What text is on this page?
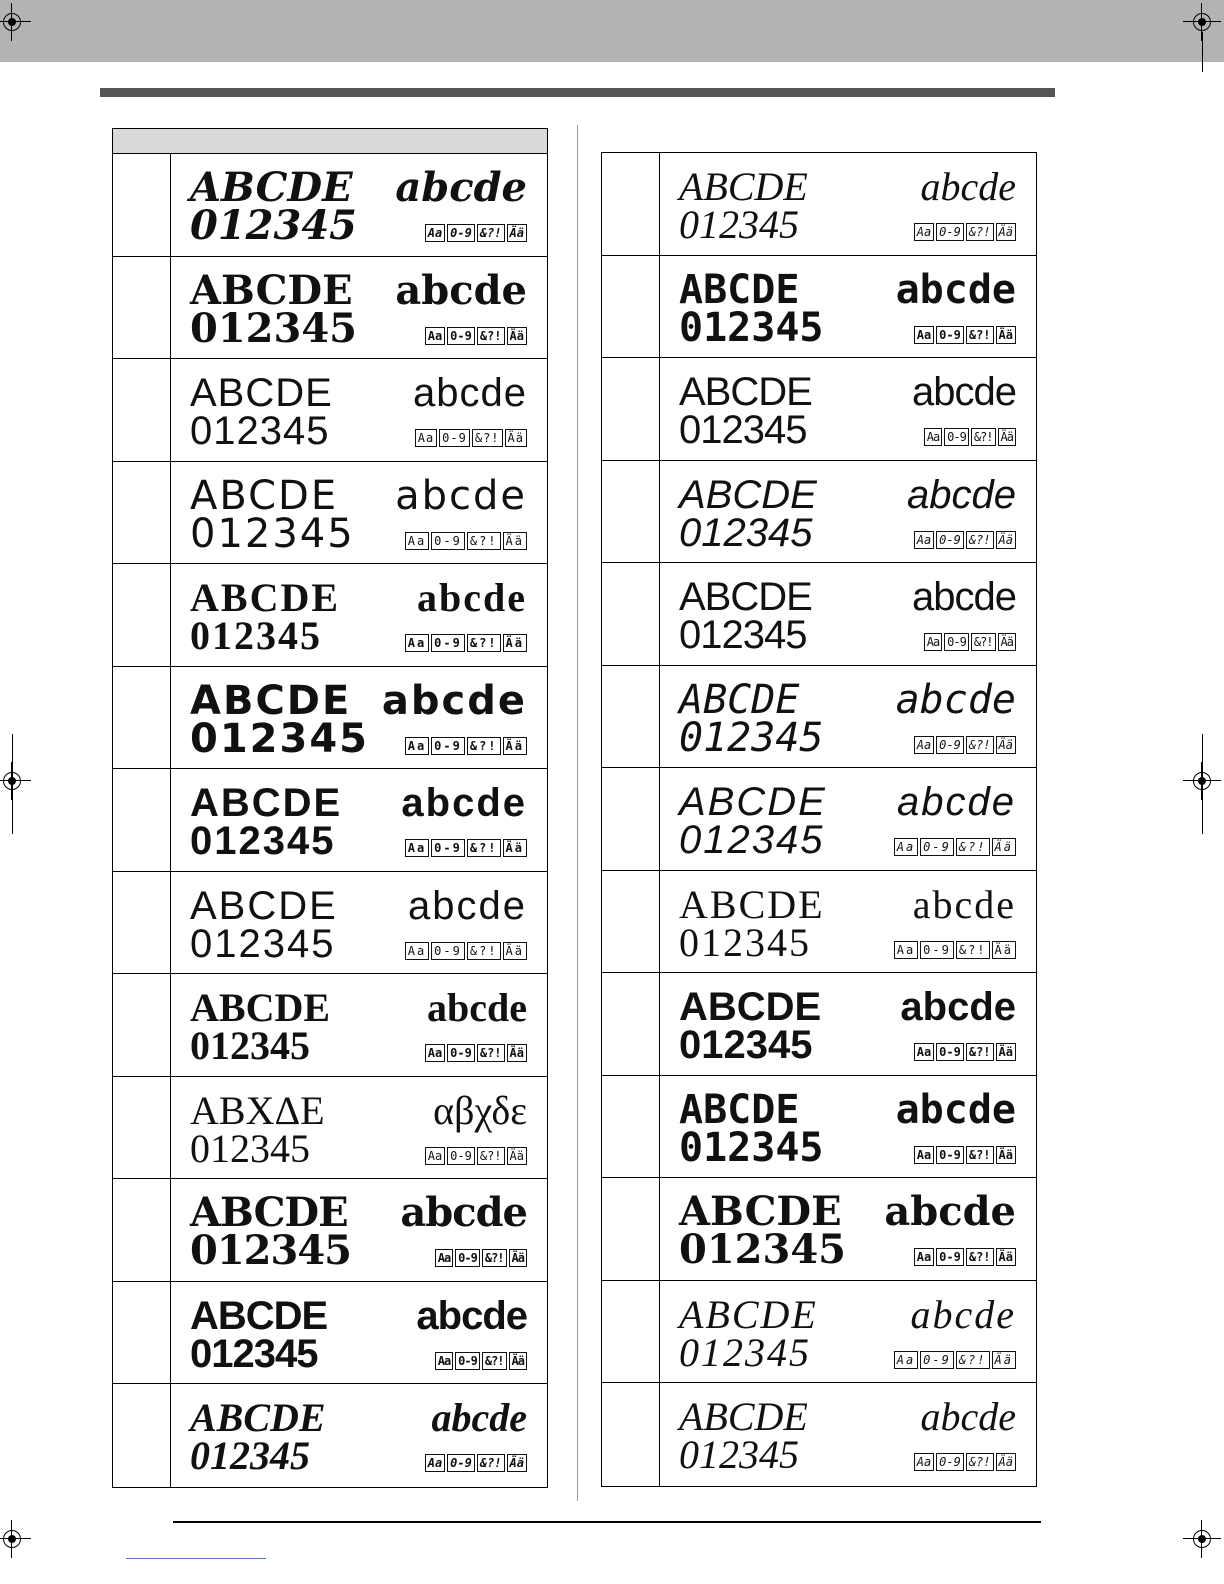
ABCDE abcde
012345	Aa 0-9 &?! Ää
ABCDE abcde
012345	Aa 0-9 &?! Ää
ABCDE abcde
012345	Aa 0-9 &?! Ää
ABCDE abcde
012345	Aa 0-9 &?! Ää
ABCDE abcde
012345	Aa 0-9 &?! Ää
ABCDE abcde
012345	Aa 0-9 &?! Ää
ABCDE abcde
012345	Aa 0-9 &?! Ää
ABCDE abcde
012345	Aa 0-9 &?! Ää
ABCDE abcde
012345	Aa 0-9 &?! Ää
ΑΒΧΔΕ	αβχδε
012345	Aa 0-9 &?! Ää
ABCDE abcde
012345	Aa 0-9 &?! Ää
ABCDE abcde
012345	Aa 0-9 &?! Ää
ABCDE	abcde
012345	Aa 0-9 &?! Ää
ABCDE	abcde
012345	Aa 0-9 &?! Ää
ABCDE abcde
012345	Aa 0-9 &?! Ää
ABCDE	abcde
012345	Aa 0-9 &?! Ää
ABCDE abcde
012345	Aa 0-9 &?! Ää
ABCDE	abcde
012345	Aa 0-9 &?! Ää
ABCDE abcde
012345	Aa 0-9 &?! Ää
ABCDE abcde
012345	Aa 0-9 &?! Ää
ABCDE abcde
012345	Aa 0-9 &?! Ää
ABCDE abcde
012345	Aa 0-9 &?! Ää
ABCDE abcde
012345	Aa 0-9 &?! Ää
ABCDE abcde
012345	Aa 0-9 &?! Ää
ABCDE abcde
012345	Aa 0-9 &?! Ää
ABCDE	abcde
012345	Aa 0-9 &?! Ää
